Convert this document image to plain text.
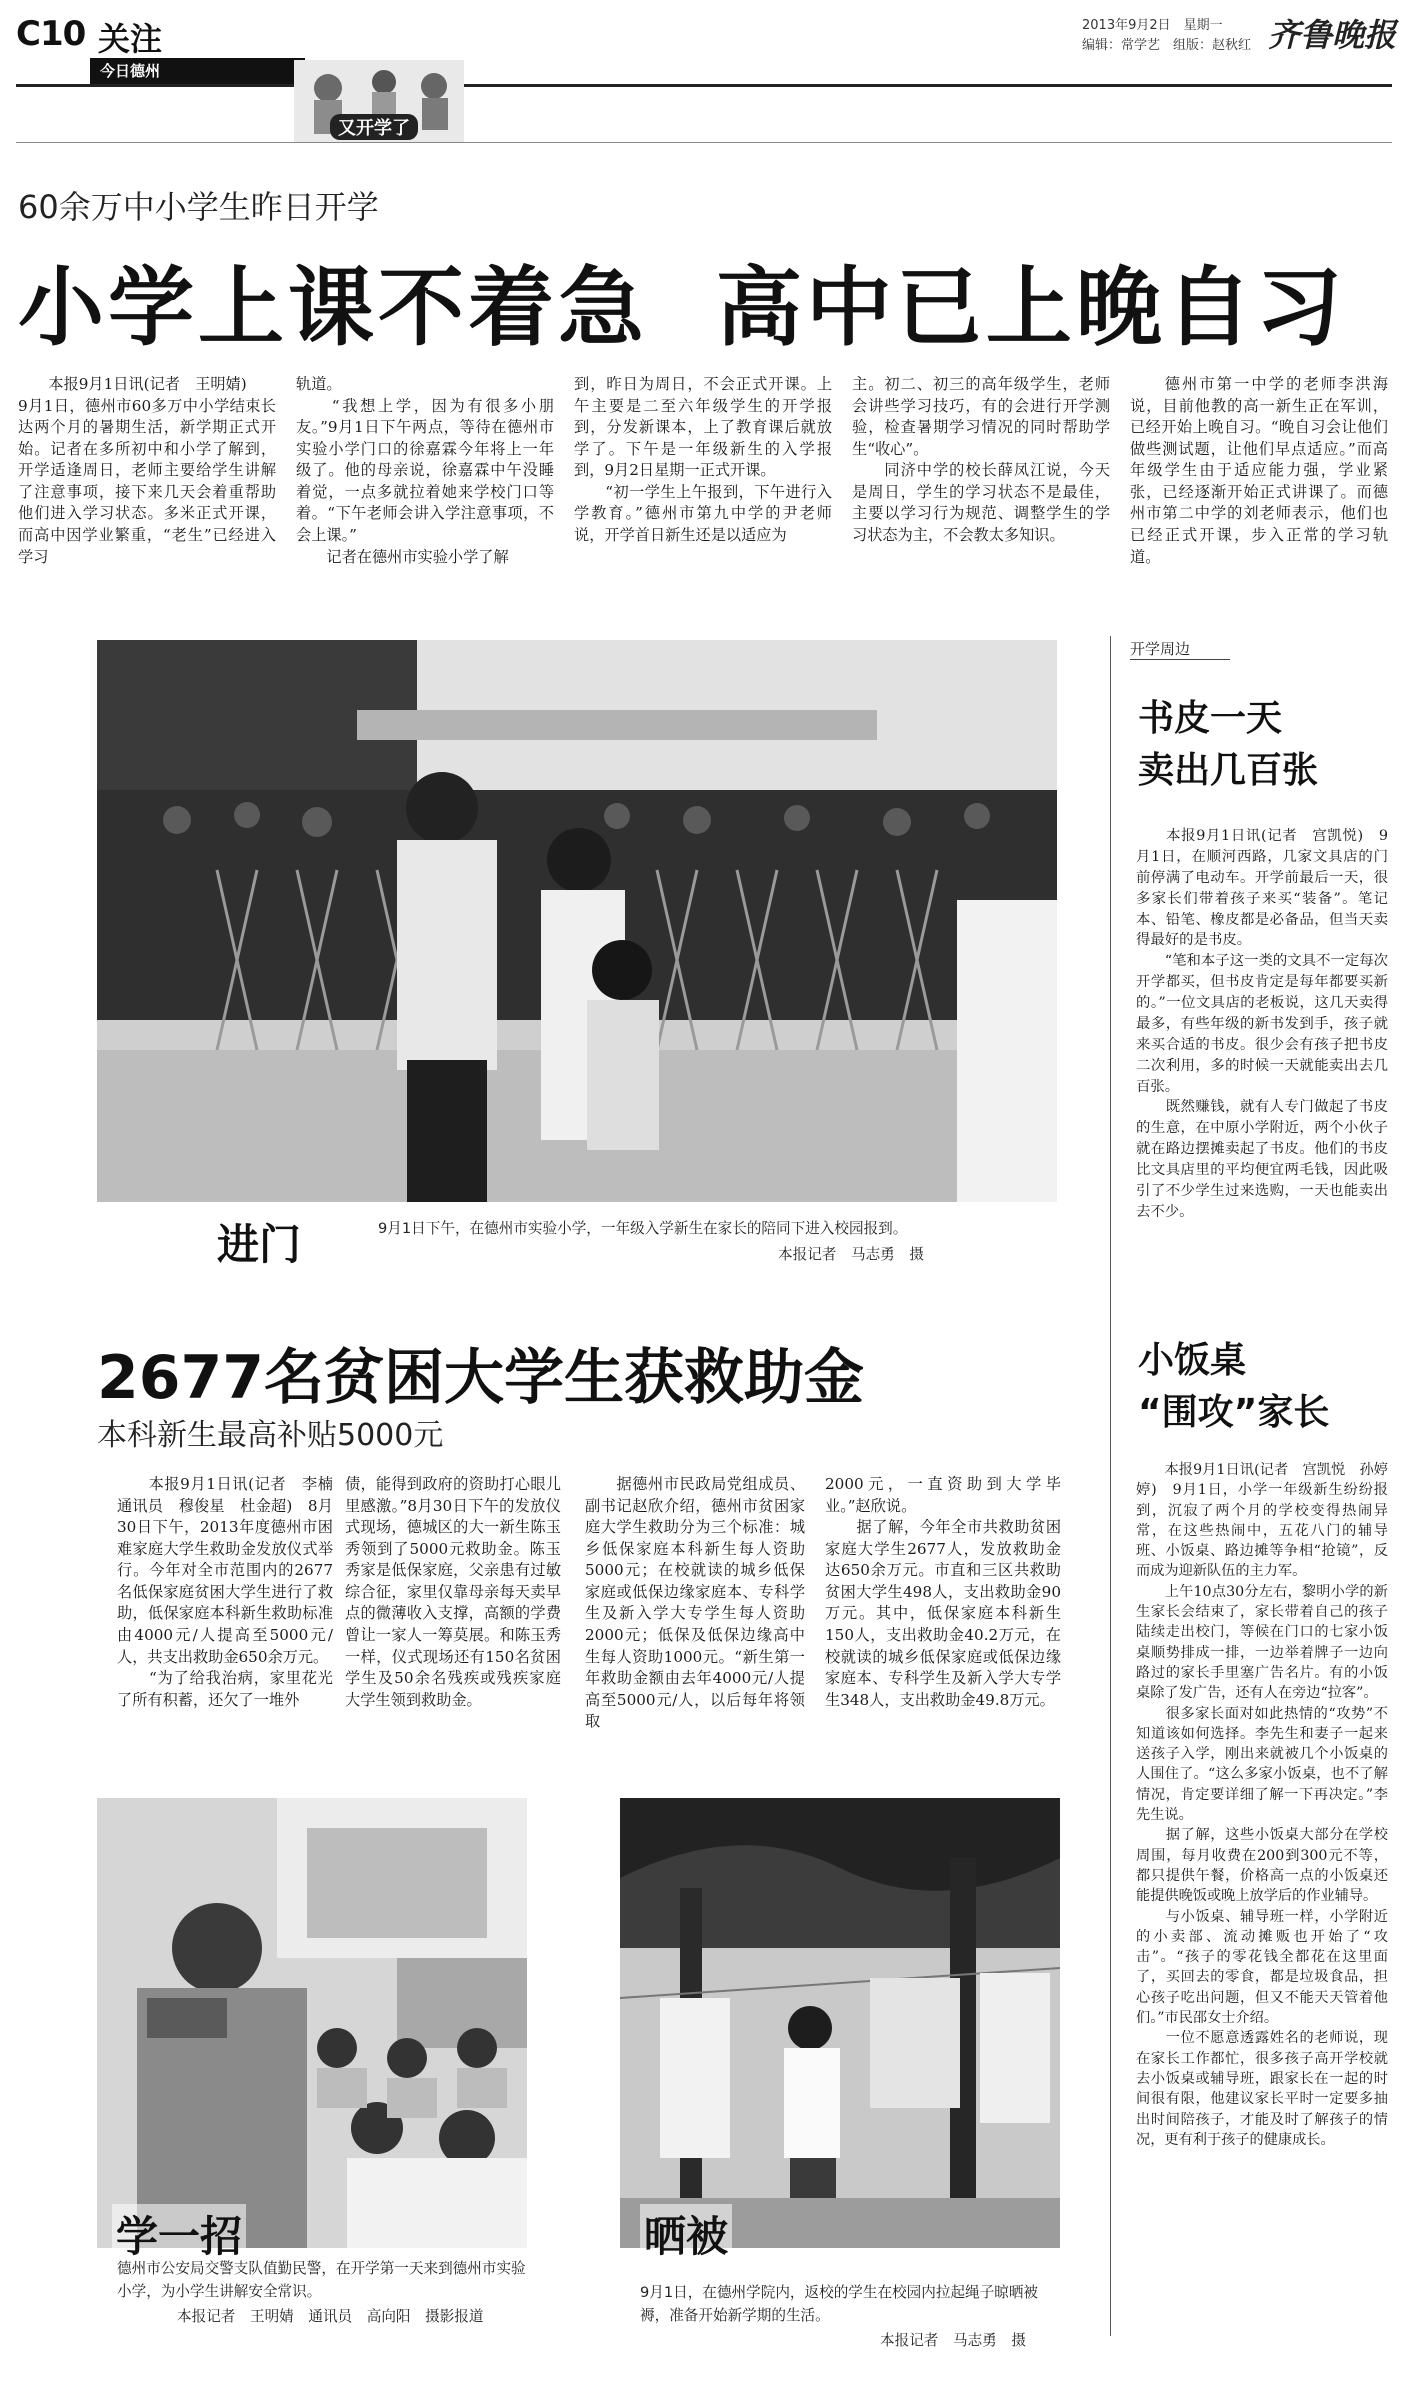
C10 关注
今日德州
又开学了
2013年9月2日　星期一
编辑：常学艺　组版：赵秋红 齐鲁晚报
60余万中小学生昨日开学
小学上课不着急  高中已上晚自习
　　本报9月1日讯(记者　王明婧)
9月1日，德州市60多万中小学结束长达两个月的暑期生活，新学期正式开始。记者在多所初中和小学了解到，开学适逢周日，老师主要给学生讲解了注意事项，接下来几天会着重帮助他们进入学习状态。多米正式开课，而高中因学业繁重，“老生”已经进入学习
轨道。
　　“我想上学，因为有很多小朋友。”9月1日下午两点，等待在德州市实验小学门口的徐嘉霖今年将上一年级了。他的母亲说，徐嘉霖中午没睡着觉，一点多就拉着她来学校门口等着。“下午老师会讲入学注意事项，不会上课。”
　　记者在德州市实验小学了解
到，昨日为周日，不会正式开课。上午主要是二至六年级学生的开学报到，分发新课本，上了教育课后就放学了。下午是一年级新生的入学报到，9月2日星期一正式开课。
　　“初一学生上午报到，下午进行入学教育。”德州市第九中学的尹老师说，开学首日新生还是以适应为
主。初二、初三的高年级学生，老师会讲些学习技巧，有的会进行开学测验，检查暑期学习情况的同时帮助学生“收心”。
　　同济中学的校长薛凤江说，今天是周日，学生的学习状态不是最佳，主要以学习行为规范、调整学生的学习状态为主，不会教太多知识。
　　德州市第一中学的老师李洪海说，目前他教的高一新生正在军训，已经开始上晚自习。“晚自习会让他们做些测试题，让他们早点适应。”而高年级学生由于适应能力强，学业紧张，已经逐渐开始正式讲课了。而德州市第二中学的刘老师表示，他们也已经正式开课，步入正常的学习轨道。
进门	9月1日下午，在德州市实验小学，一年级入学新生在家长的陪同下进入校园报到。
本报记者　马志勇　摄
开学周边
书皮一天
卖出几百张
　　本报9月1日讯(记者　宫凯悦)　9月1日，在顺河西路，几家文具店的门前停满了电动车。开学前最后一天，很多家长们带着孩子来买“装备”。笔记本、铅笔、橡皮都是必备品，但当天卖得最好的是书皮。
　　“笔和本子这一类的文具不一定每次开学都买，但书皮肯定是每年都要买新的。”一位文具店的老板说，这几天卖得最多，有些年级的新书发到手，孩子就来买合适的书皮。很少会有孩子把书皮二次利用，多的时候一天就能卖出去几百张。
　　既然赚钱，就有人专门做起了书皮的生意，在中原小学附近，两个小伙子就在路边摆摊卖起了书皮。他们的书皮比文具店里的平均便宜两毛钱，因此吸引了不少学生过来选购，一天也能卖出去不少。
小饭桌
“围攻”家长
　　本报9月1日讯(记者　宫凯悦　孙婷婷)　9月1日，小学一年级新生纷纷报到，沉寂了两个月的学校变得热闹异常，在这些热闹中，五花八门的辅导班、小饭桌、路边摊等争相“抢镜”，反而成为迎新队伍的主力军。
　　上午10点30分左右，黎明小学的新生家长会结束了，家长带着自己的孩子陆续走出校门，等候在门口的七家小饭桌顺势排成一排，一边举着牌子一边向路过的家长手里塞广告名片。有的小饭桌除了发广告，还有人在旁边“拉客”。
　　很多家长面对如此热情的“攻势”不知道该如何选择。李先生和妻子一起来送孩子入学，刚出来就被几个小饭桌的人围住了。“这么多家小饭桌，也不了解情况，肯定要详细了解一下再决定。”李先生说。
　　据了解，这些小饭桌大部分在学校周围，每月收费在200到300元不等，都只提供午餐，价格高一点的小饭桌还能提供晚饭或晚上放学后的作业辅导。
　　与小饭桌、辅导班一样，小学附近的小卖部、流动摊贩也开始了“攻击”。“孩子的零花钱全都花在这里面了，买回去的零食，都是垃圾食品，担心孩子吃出问题，但又不能天天管着他们。”市民邵女士介绍。
　　一位不愿意透露姓名的老师说，现在家长工作都忙，很多孩子高开学校就去小饭桌或辅导班，跟家长在一起的时间很有限，他建议家长平时一定要多抽出时间陪孩子，才能及时了解孩子的情况，更有利于孩子的健康成长。
2677名贫困大学生获救助金
本科新生最高补贴5000元
　　本报9月1日讯(记者　李楠　通讯员　穆俊星　杜金超)　8月30日下午，2013年度德州市困难家庭大学生救助金发放仪式举行。今年对全市范围内的2677名低保家庭贫困大学生进行了救助，低保家庭本科新生救助标准由4000元/人提高至5000元/人，共支出救助金650余万元。
　　“为了给我治病，家里花光了所有积蓄，还欠了一堆外
债，能得到政府的资助打心眼儿里感激。”8月30日下午的发放仪式现场，德城区的大一新生陈玉秀领到了5000元救助金。陈玉秀家是低保家庭，父亲患有过敏综合征，家里仅靠母亲每天卖早点的微薄收入支撑，高额的学费曾让一家人一筹莫展。和陈玉秀一样，仪式现场还有150名贫困学生及50余名残疾或残疾家庭大学生领到救助金。
　　据德州市民政局党组成员、副书记赵欣介绍，德州市贫困家庭大学生救助分为三个标准：城乡低保家庭本科新生每人资助5000元；在校就读的城乡低保家庭或低保边缘家庭本、专科学生及新入学大专学生每人资助2000元；低保及低保边缘高中生每人资助1000元。“新生第一年救助金额由去年4000元/人提高至5000元/人，以后每年将领取
2000元，一直资助到大学毕业。”赵欣说。
　　据了解，今年全市共救助贫困家庭大学生2677人，发放救助金达650余万元。市直和三区共救助贫困大学生498人，支出救助金90万元。其中，低保家庭本科新生150人，支出救助金40.2万元，在校就读的城乡低保家庭或低保边缘家庭本、专科学生及新入学大专学生348人，支出救助金49.8万元。
学一招
德州市公安局交警支队值勤民警，在开学第一天来到德州市实验小学，为小学生讲解安全常识。
本报记者　王明婧　通讯员　高向阳　摄影报道
晒被
9月1日，在德州学院内，返校的学生在校园内拉起绳子晾晒被褥，准备开始新学期的生活。
本报记者　马志勇　摄
